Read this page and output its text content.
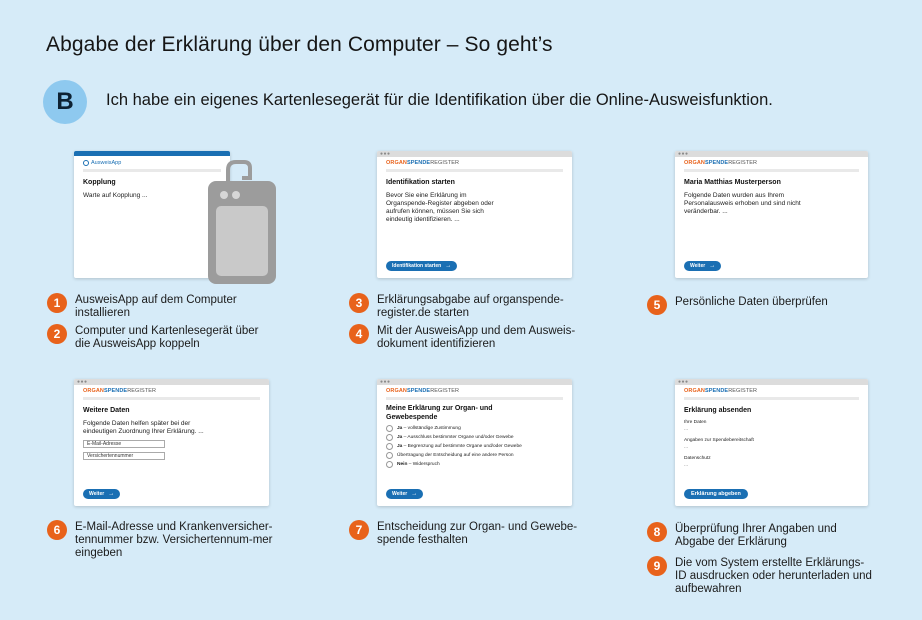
Abgabe der Erklärung über den Computer – So geht’s
B	Ich habe ein eigenes Kartenlesegerät für die Identifikation über die Online-Ausweisfunktion.
AusweisApp
Kopplung
Warte auf Kopplung ...
●●●
ORGANSPENDEREGISTER
Identifikation starten
Bevor Sie eine Erklärung im Organspende-Register abgeben oder aufrufen können, müssen Sie sich eindeutig identifizieren. ...
Identifikation starten →
●●●
ORGANSPENDEREGISTER
Maria Matthias Musterperson
Folgende Daten wurden aus Ihrem Personalausweis erhoben und sind nicht veränderbar. ...
Weiter →
●●●
ORGANSPENDEREGISTER
Weitere Daten
Folgende Daten helfen später bei der eindeutigen Zuordnung Ihrer Erklärung. ...
E-Mail-Adresse
Versichertennummer
Weiter →
●●●
ORGANSPENDEREGISTER
Meine Erklärung zur Organ- und Gewebespende
Ja – vollständige Zustimmung
Ja – Ausschluss bestimmter Organe und/oder Gewebe
Ja – Begrenzung auf bestimmte Organe und/oder Gewebe
Übertragung der Entscheidung auf eine andere Person
Nein – Widerspruch
Weiter →
●●●
ORGANSPENDEREGISTER
Erklärung absenden
Ihre Daten
...
Angaben zur Spendebereitschaft
...
Datenschutz
...
Erklärung abgeben
1	AusweisApp auf dem Computer installieren
2	Computer und Kartenlesegerät über die AusweisApp koppeln
3	Erklärungsabgabe auf organspende-register.de starten
4	Mit der AusweisApp und dem Ausweis-dokument identifizieren
5	Persönliche Daten überprüfen
6	E-Mail-Adresse und Krankenversicher-tennummer bzw. Versichertennum-mer eingeben
7	Entscheidung zur Organ- und Gewebe-spende festhalten
8	Überprüfung Ihrer Angaben und Abgabe der Erklärung
9	Die vom System erstellte Erklärungs-ID ausdrucken oder herunterladen und aufbewahren
